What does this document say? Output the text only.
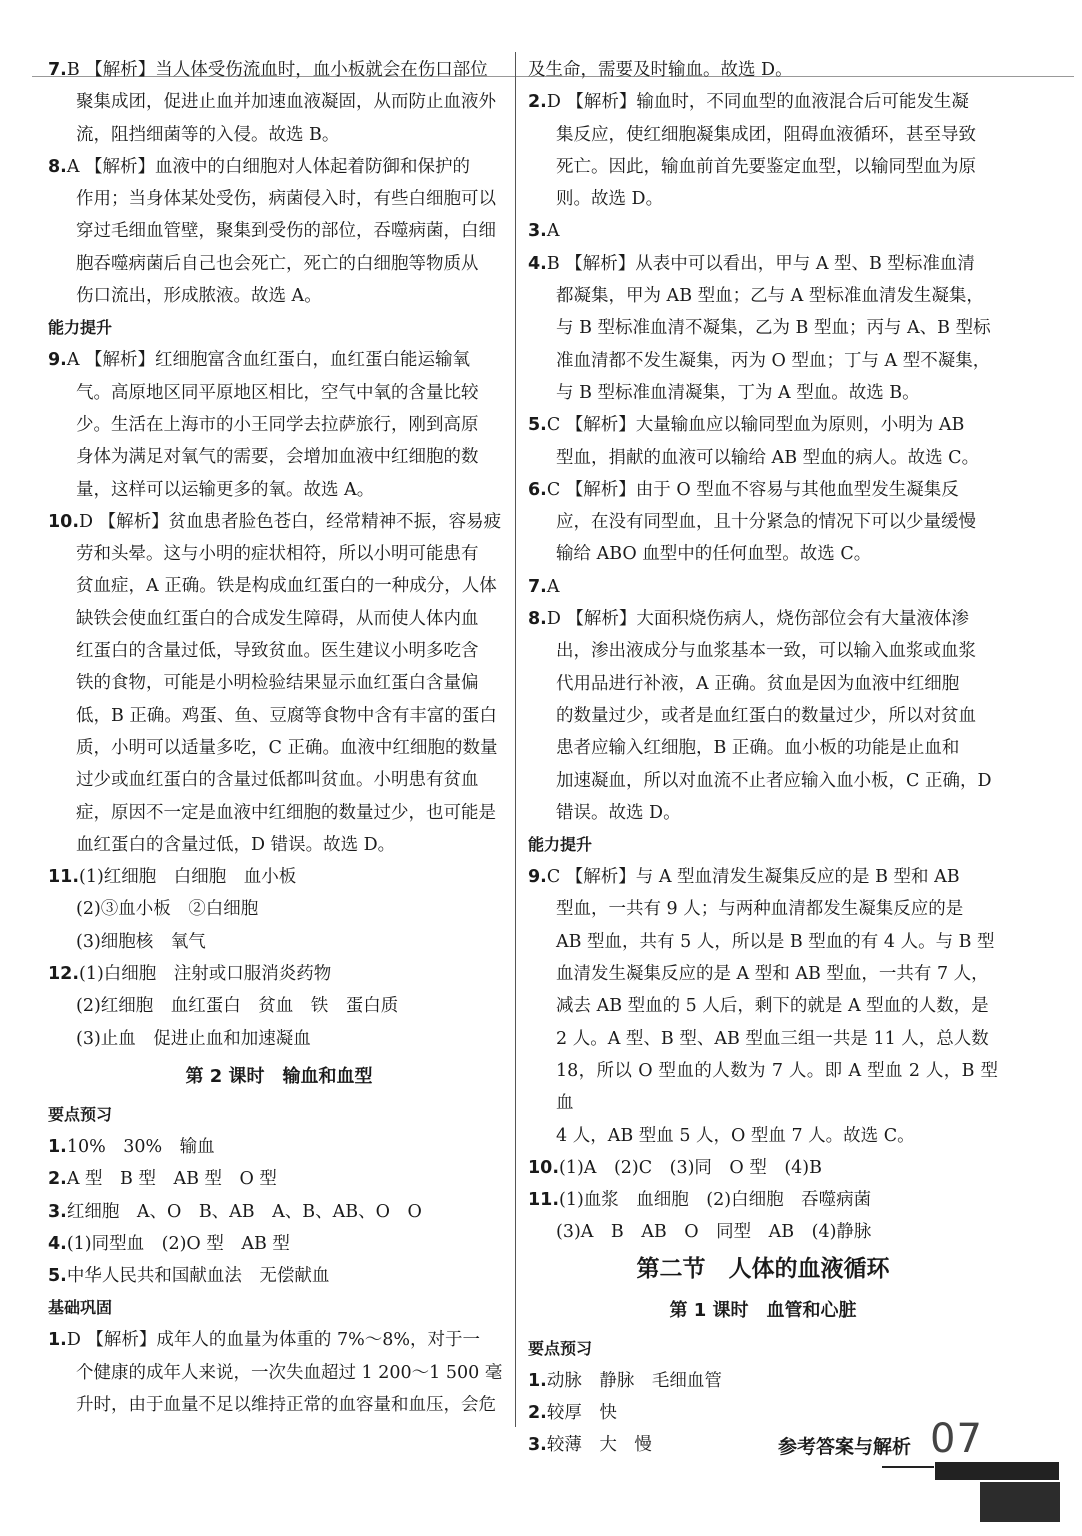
7.B 【解析】当人体受伤流血时，血小板就会在伤口部位
聚集成团，促进止血并加速血液凝固，从而防止血液外
流，阻挡细菌等的入侵。故选 B。
8.A 【解析】血液中的白细胞对人体起着防御和保护的
作用；当身体某处受伤，病菌侵入时，有些白细胞可以
穿过毛细血管壁，聚集到受伤的部位，吞噬病菌，白细
胞吞噬病菌后自己也会死亡，死亡的白细胞等物质从
伤口流出，形成脓液。故选 A。
能力提升
9.A 【解析】红细胞富含血红蛋白，血红蛋白能运输氧
气。高原地区同平原地区相比，空气中氧的含量比较
少。生活在上海市的小王同学去拉萨旅行，刚到高原
身体为满足对氧气的需要，会增加血液中红细胞的数
量，这样可以运输更多的氧。故选 A。
10.D 【解析】贫血患者脸色苍白，经常精神不振，容易疲
劳和头晕。这与小明的症状相符，所以小明可能患有
贫血症，A 正确。铁是构成血红蛋白的一种成分，人体
缺铁会使血红蛋白的合成发生障碍，从而使人体内血
红蛋白的含量过低，导致贫血。医生建议小明多吃含
铁的食物，可能是小明检验结果显示血红蛋白含量偏
低，B 正确。鸡蛋、鱼、豆腐等食物中含有丰富的蛋白
质，小明可以适量多吃，C 正确。血液中红细胞的数量
过少或血红蛋白的含量过低都叫贫血。小明患有贫血
症，原因不一定是血液中红细胞的数量过少，也可能是
血红蛋白的含量过低，D 错误。故选 D。
11.(1)红细胞　白细胞　血小板
(2)③血小板　②白细胞
(3)细胞核　氧气
12.(1)白细胞　注射或口服消炎药物
(2)红细胞　血红蛋白　贫血　铁　蛋白质
(3)止血　促进止血和加速凝血
第 2 课时　输血和血型
要点预习
1.10%　30%　输血
2.A 型　B 型　AB 型　O 型
3.红细胞　A、O　B、AB　A、B、AB、O　O
4.(1)同型血　(2)O 型　AB 型
5.中华人民共和国献血法　无偿献血
基础巩固
1.D 【解析】成年人的血量为体重的 7%～8%，对于一
个健康的成年人来说，一次失血超过 1 200～1 500 毫
升时，由于血量不足以维持正常的血容量和血压，会危
及生命，需要及时输血。故选 D。
2.D 【解析】输血时，不同血型的血液混合后可能发生凝
集反应，使红细胞凝集成团，阻碍血液循环，甚至导致
死亡。因此，输血前首先要鉴定血型，以输同型血为原
则。故选 D。
3.A
4.B 【解析】从表中可以看出，甲与 A 型、B 型标准血清
都凝集，甲为 AB 型血；乙与 A 型标准血清发生凝集，
与 B 型标准血清不凝集，乙为 B 型血；丙与 A、B 型标
准血清都不发生凝集，丙为 O 型血；丁与 A 型不凝集，
与 B 型标准血清凝集，丁为 A 型血。故选 B。
5.C 【解析】大量输血应以输同型血为原则，小明为 AB
型血，捐献的血液可以输给 AB 型血的病人。故选 C。
6.C 【解析】由于 O 型血不容易与其他血型发生凝集反
应，在没有同型血，且十分紧急的情况下可以少量缓慢
输给 ABO 血型中的任何血型。故选 C。
7.A
8.D 【解析】大面积烧伤病人，烧伤部位会有大量液体渗
出，渗出液成分与血浆基本一致，可以输入血浆或血浆
代用品进行补液，A 正确。贫血是因为血液中红细胞
的数量过少，或者是血红蛋白的数量过少，所以对贫血
患者应输入红细胞，B 正确。血小板的功能是止血和
加速凝血，所以对血流不止者应输入血小板，C 正确，D
错误。故选 D。
能力提升
9.C 【解析】与 A 型血清发生凝集反应的是 B 型和 AB
型血，一共有 9 人；与两种血清都发生凝集反应的是
AB 型血，共有 5 人，所以是 B 型血的有 4 人。与 B 型
血清发生凝集反应的是 A 型和 AB 型血，一共有 7 人，
减去 AB 型血的 5 人后，剩下的就是 A 型血的人数，是
2 人。A 型、B 型、AB 型血三组一共是 11 人，总人数
18，所以 O 型血的人数为 7 人。即 A 型血 2 人，B 型血
4 人，AB 型血 5 人，O 型血 7 人。故选 C。
10.(1)A　(2)C　(3)同　O 型　(4)B
11.(1)血浆　血细胞　(2)白细胞　吞噬病菌
(3)A　B　AB　O　同型　AB　(4)静脉
第二节　人体的血液循环
第 1 课时　血管和心脏
要点预习
1.动脉　静脉　毛细血管
2.较厚　快
3.较薄　大　慢	参考答案与解析 07
